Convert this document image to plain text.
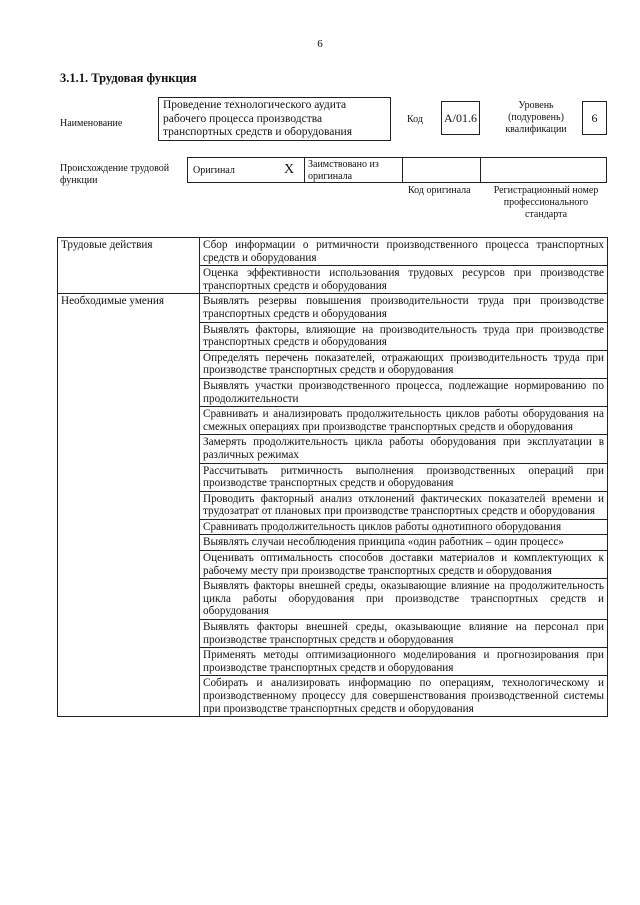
6
3.1.1. Трудовая функция
Наименование
Проведение технологического аудита рабочего процесса производства транспортных средств и оборудования
Код A/01.6
Уровень (подуровень) квалификации
6
Происхождение трудовой функции
Оригинал	X Заимствовано из оригинала
Код оригинала	Регистрационный номер профессионального стандарта
Трудовые действия	Сбор информации о ритмичности производственного процесса транспортных средств и оборудования
	Оценка эффективности использования трудовых ресурсов при производстве транспортных средств и оборудования
Необходимые умения	Выявлять резервы повышения производительности труда при производстве транспортных средств и оборудования
	Выявлять факторы, влияющие на производительность труда при производстве транспортных средств и оборудования
	Определять перечень показателей, отражающих производительность труда при производстве транспортных средств и оборудования
	Выявлять участки производственного процесса, подлежащие нормированию по продолжительности
	Сравнивать и анализировать продолжительность циклов работы оборудования на смежных операциях при производстве транспортных средств и оборудования
	Замерять продолжительность цикла работы оборудования при эксплуатации в различных режимах
	Рассчитывать ритмичность выполнения производственных операций при производстве транспортных средств и оборудования
	Проводить факторный анализ отклонений фактических показателей времени и трудозатрат от плановых при производстве транспортных средств и оборудования
	Сравнивать продолжительность циклов работы однотипного оборудования
	Выявлять случаи несоблюдения принципа «один работник – один процесс»
	Оценивать оптимальность способов доставки материалов и комплектующих к рабочему месту при производстве транспортных средств и оборудования
	Выявлять факторы внешней среды, оказывающие влияние на продолжительность цикла работы оборудования при производстве транспортных средств и оборудования
	Выявлять факторы внешней среды, оказывающие влияние на персонал при производстве транспортных средств и оборудования
	Применять методы оптимизационного моделирования и прогнозирования при производстве транспортных средств и оборудования
	Собирать и анализировать информацию по операциям, технологическому и производственному процессу для совершенствования производственной системы при производстве транспортных средств и оборудования
